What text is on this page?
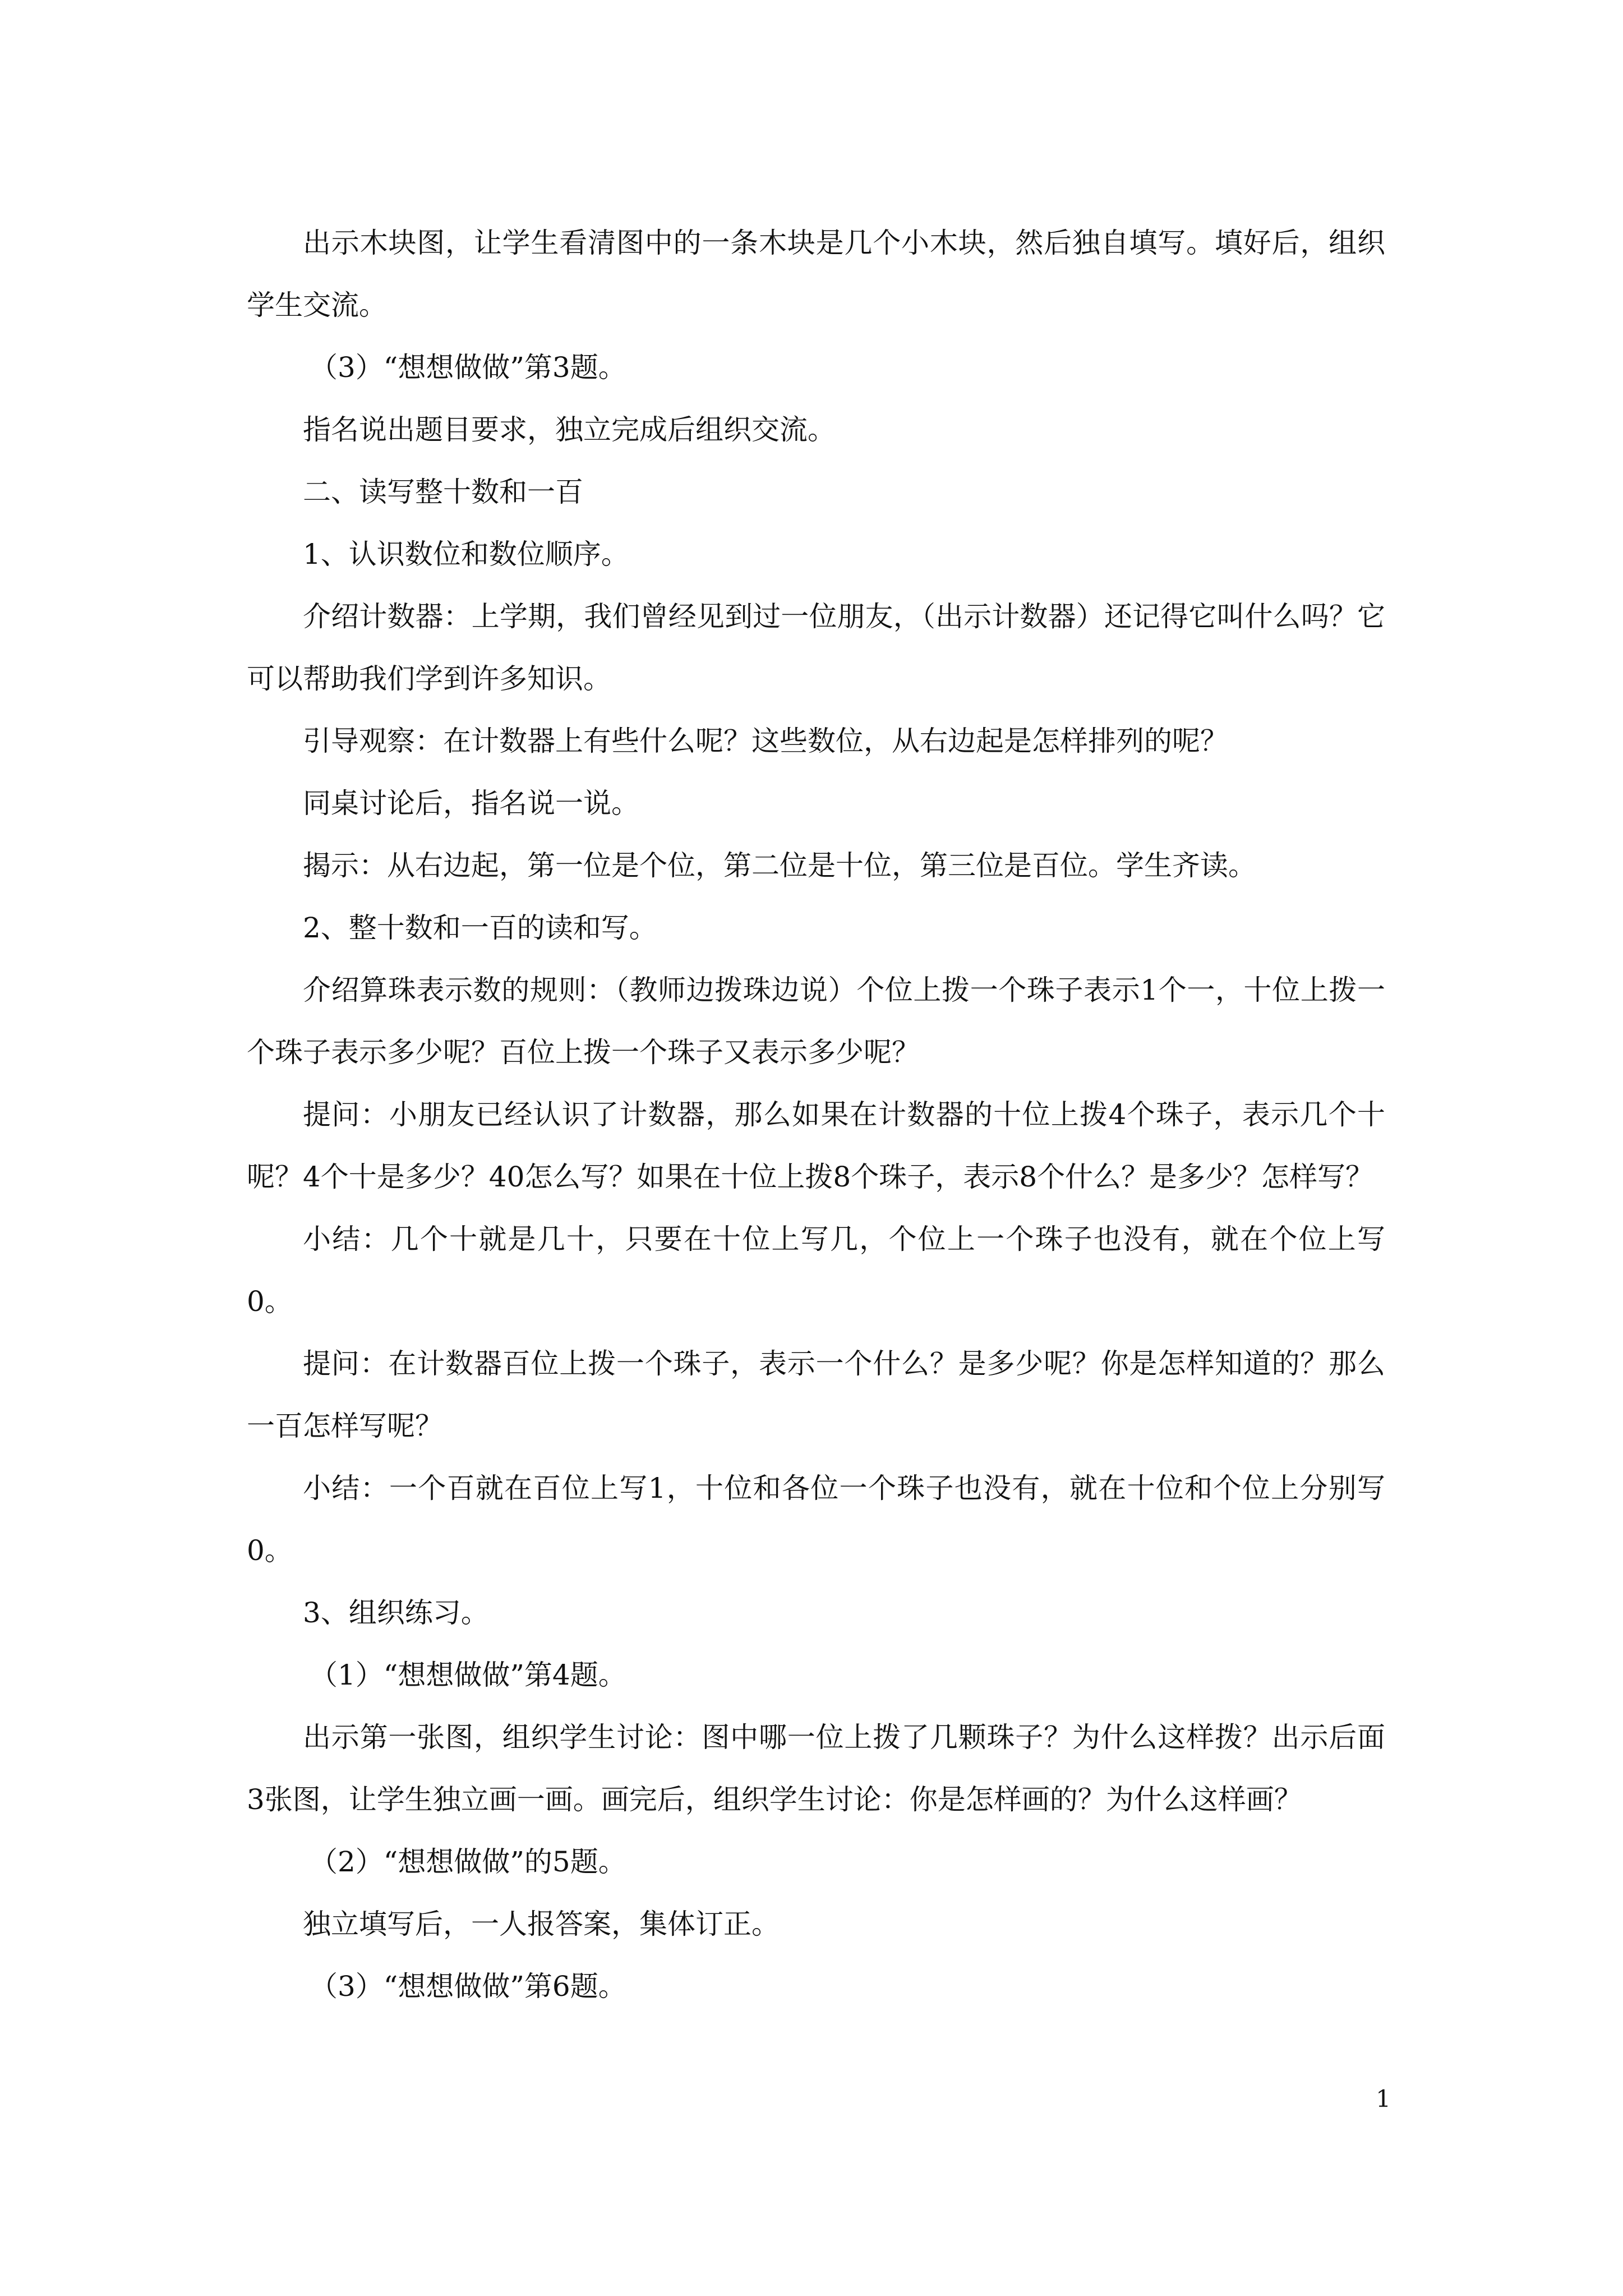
出示木块图，让学生看清图中的一条木块是几个小木块，然后独自填写。填好后，组织学生交流。

（3）“想想做做”第3题。

指名说出题目要求，独立完成后组织交流。

二、读写整十数和一百

1、认识数位和数位顺序。

介绍计数器：上学期，我们曾经见到过一位朋友，（出示计数器）还记得它叫什么吗？它可以帮助我们学到许多知识。

引导观察：在计数器上有些什么呢？这些数位，从右边起是怎样排列的呢？

同桌讨论后，指名说一说。

揭示：从右边起，第一位是个位，第二位是十位，第三位是百位。学生齐读。

2、整十数和一百的读和写。

介绍算珠表示数的规则：（教师边拨珠边说）个位上拨一个珠子表示1个一，十位上拨一个珠子表示多少呢？百位上拨一个珠子又表示多少呢？

提问：小朋友已经认识了计数器，那么如果在计数器的十位上拨4个珠子，表示几个十呢？4个十是多少？40怎么写？如果在十位上拨8个珠子，表示8个什么？是多少？怎样写？

小结：几个十就是几十，只要在十位上写几，个位上一个珠子也没有，就在个位上写0。

提问：在计数器百位上拨一个珠子，表示一个什么？是多少呢？你是怎样知道的？那么一百怎样写呢？

小结：一个百就在百位上写1，十位和各位一个珠子也没有，就在十位和个位上分别写0。

3、组织练习。

（1）“想想做做”第4题。

出示第一张图，组织学生讨论：图中哪一位上拨了几颗珠子？为什么这样拨？出示后面3张图，让学生独立画一画。画完后，组织学生讨论：你是怎样画的？为什么这样画？

（2）“想想做做”的5题。

独立填写后，一人报答案，集体订正。

（3）“想想做做”第6题。

1
